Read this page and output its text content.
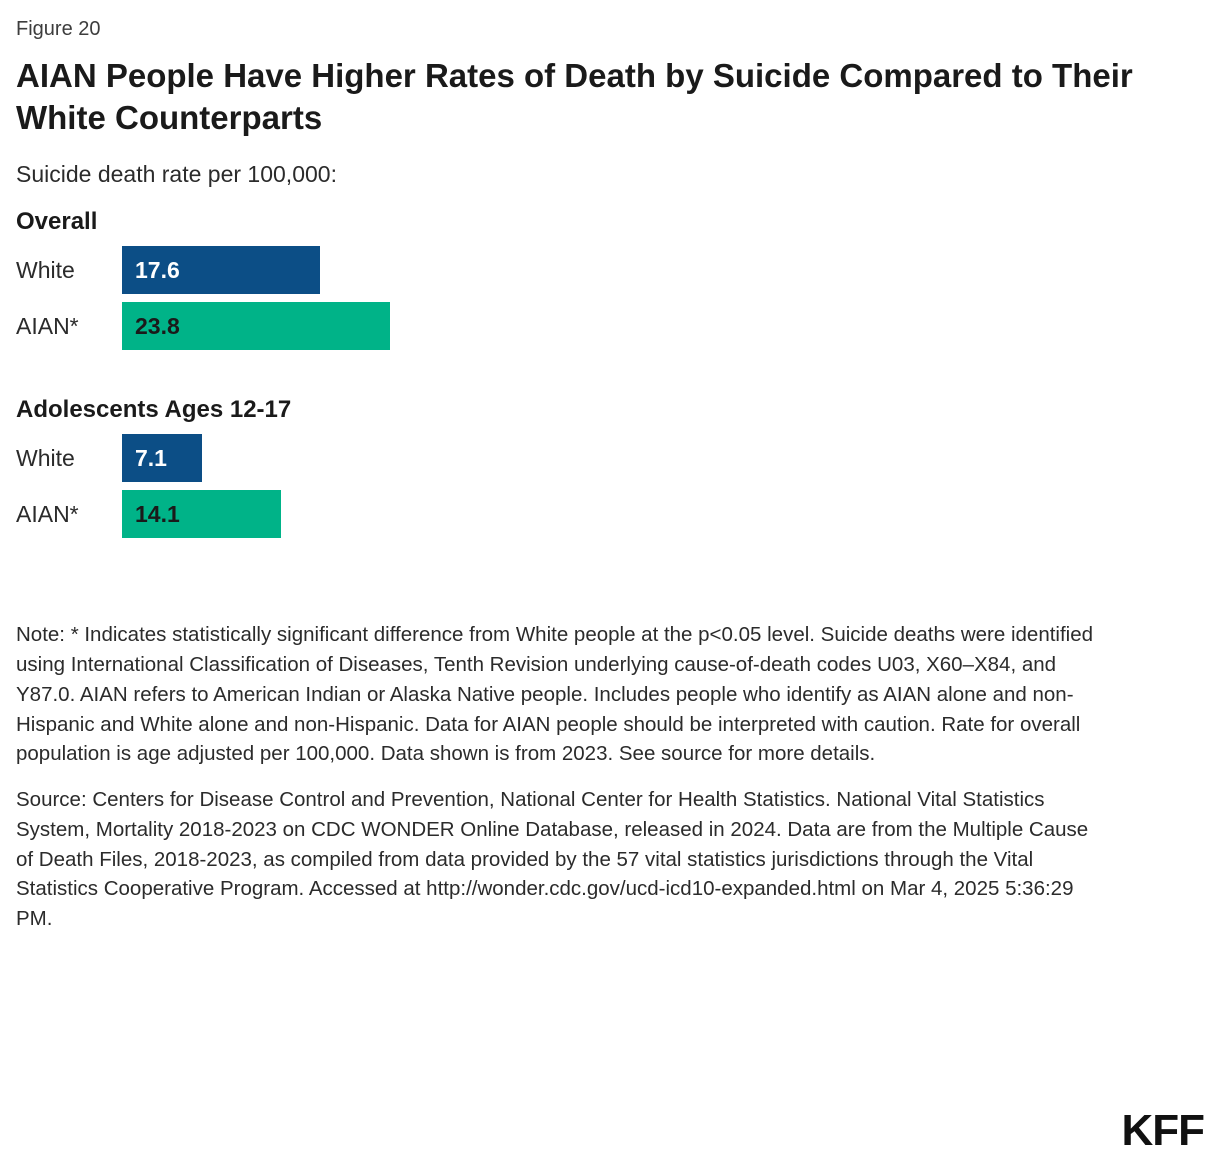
Figure 20
AIAN People Have Higher Rates of Death by Suicide Compared to Their White Counterparts
Suicide death rate per 100,000:
Overall
White	17.6
AIAN*	23.8
Adolescents Ages 12-17
White	7.1
AIAN*	14.1

Note: * Indicates statistically significant difference from White people at the p<0.05 level. Suicide deaths were identified using International Classification of Diseases, Tenth Revision underlying cause-of-death codes U03, X60–X84, and Y87.0. AIAN refers to American Indian or Alaska Native people. Includes people who identify as AIAN alone and non-Hispanic and White alone and non-Hispanic. Data for AIAN people should be interpreted with caution. Rate for overall population is age adjusted per 100,000. Data shown is from 2023. See source for more details.

Source: Centers for Disease Control and Prevention, National Center for Health Statistics. National Vital Statistics System, Mortality 2018-2023 on CDC WONDER Online Database, released in 2024. Data are from the Multiple Cause of Death Files, 2018-2023, as compiled from data provided by the 57 vital statistics jurisdictions through the Vital Statistics Cooperative Program. Accessed at http://wonder.cdc.gov/ucd-icd10-expanded.html on Mar 4, 2025 5:36:29 PM.

KFF
